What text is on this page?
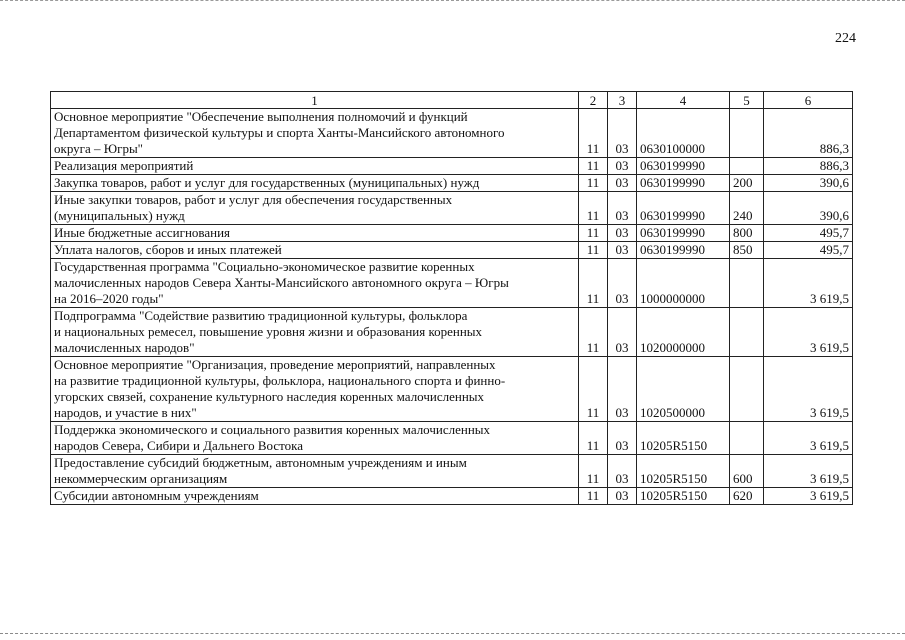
224
1	2	3	4	5	6

Основное мероприятие "Обеспечение выполнения полномочий и функций
Департаментом физической культуры и спорта Ханты-Мансийского автономного
округа – Югры"	11	03	0630100000		886,3

Реализация мероприятий	11	03	0630199990		886,3

Закупка товаров, работ и услуг для государственных (муниципальных) нужд	11	03	0630199990	200	390,6

Иные закупки товаров, работ и услуг для обеспечения государственных
(муниципальных) нужд	11	03	0630199990	240	390,6

Иные бюджетные ассигнования	11	03	0630199990	800	495,7

Уплата налогов, сборов и иных платежей	11	03	0630199990	850	495,7

Государственная программа "Социально-экономическое развитие коренных
малочисленных народов Севера Ханты-Мансийского автономного округа – Югры
на 2016–2020 годы"	11	03	1000000000		3 619,5

Подпрограмма "Содействие развитию традиционной культуры, фольклора
и национальных ремесел, повышение уровня жизни и образования коренных
малочисленных народов"	11	03	1020000000		3 619,5

Основное мероприятие "Организация, проведение мероприятий, направленных
на развитие традиционной культуры, фольклора, национального спорта и финно-
угорских связей, сохранение культурного наследия коренных малочисленных
народов, и участие в них"	11	03	1020500000		3 619,5

Поддержка экономического и социального развития коренных малочисленных
народов Севера, Сибири и Дальнего Востока	11	03	10205R5150		3 619,5

Предоставление субсидий бюджетным, автономным учреждениям и иным
некоммерческим организациям	11	03	10205R5150	600	3 619,5

Субсидии автономным учреждениям	11	03	10205R5150	620	3 619,5
